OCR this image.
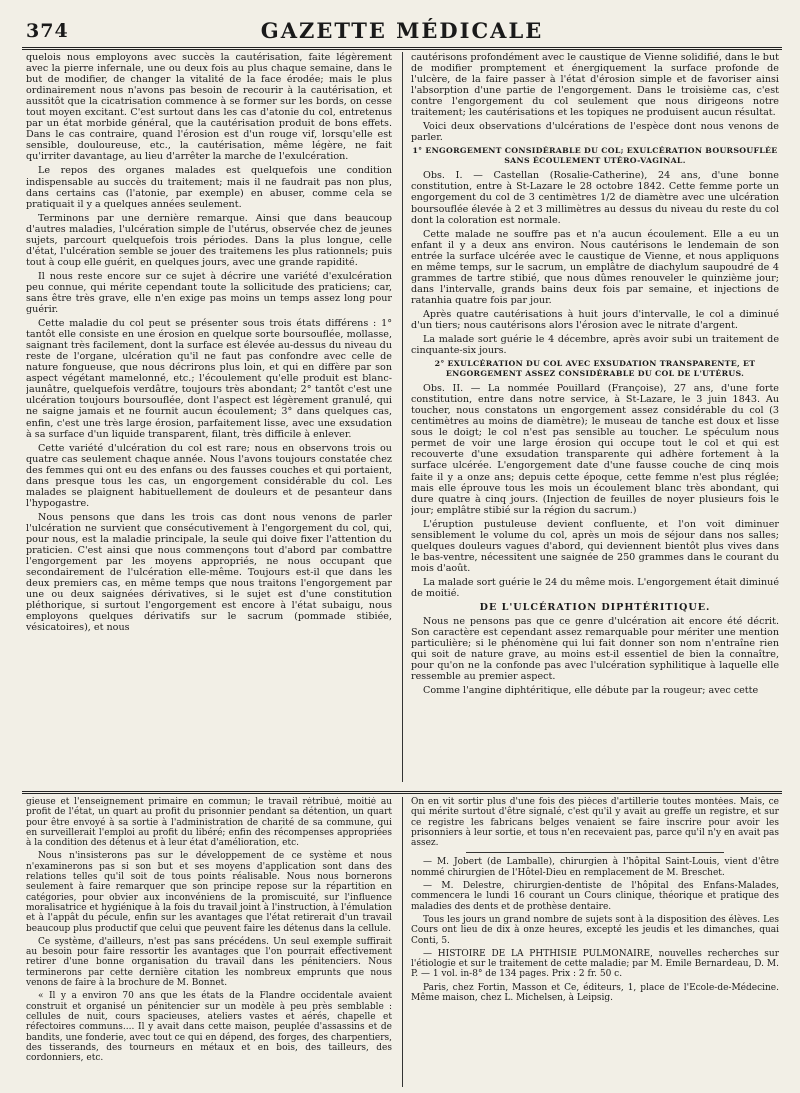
GAZETTE MÉDICALE
374

quelois nous employons avec succès la cautérisation, faite légèrement avec la pierre infernale, une ou deux fois au plus chaque semaine, dans le but de modifier, de changer la vitalité de la face érodée; mais le plus ordinairement nous n'avons pas besoin de recourir à la cautérisation, et aussitôt que la cicatrisation commence à se former sur les bords, on cesse tout moyen excitant. C'est surtout dans les cas d'atonie du col, entretenus par un état morbide général, que la cautérisation produit de bons effets. Dans le cas contraire, quand l'érosion est d'un rouge vif, lorsqu'elle est sensible, douloureuse, etc., la cautérisation, même légère, ne fait qu'irriter davantage, au lieu d'arrêter la marche de l'exulcération.

Le repos des organes malades est quelquefois une condition indispensable au succès du traitement; mais il ne faudrait pas non plus, dans certains cas (l'atonie, par exemple) en abuser, comme cela se pratiquait il y a quelques années seulement.

Terminons par une dernière remarque. Ainsi que dans beaucoup d'autres maladies, l'ulcération simple de l'utérus, observée chez de jeunes sujets, parcourt quelquefois trois périodes. Dans la plus longue, celle d'état, l'ulcération semble se jouer des traitemens les plus rationnels; puis tout à coup elle guérit, en quelques jours, avec une grande rapidité.

Il nous reste encore sur ce sujet à décrire une variété d'exulcération peu connue, qui mérite cependant toute la sollicitude des praticiens; car, sans être très grave, elle n'en exige pas moins un temps assez long pour guérir.

Cette maladie du col peut se présenter sous trois états différens : 1° tantôt elle consiste en une érosion en quelque sorte boursouflée, mollasse, saignant très facilement, dont la surface est élevée au-dessus du niveau du reste de l'organe, ulcération qu'il ne faut pas confondre avec celle de nature fongueuse, que nous décrirons plus loin, et qui en diffère par son aspect végétant mamelonné, etc.; l'écoulement qu'elle produit est blanc-jaunâtre, quelquefois verdâtre, toujours très abondant; 2° tantôt c'est une ulcération toujours boursouflée, dont l'aspect est légèrement granulé, qui ne saigne jamais et ne fournit aucun écoulement; 3° dans quelques cas, enfin, c'est une très large érosion, parfaitement lisse, avec une exsudation à sa surface d'un liquide transparent, filant, très difficile à enlever.

Cette variété d'ulcération du col est rare; nous en observons trois ou quatre cas seulement chaque année. Nous l'avons toujours constatée chez des femmes qui ont eu des enfans ou des fausses couches et qui portaient, dans presque tous les cas, un engorgement considérable du col. Les malades se plaignent habituellement de douleurs et de pesanteur dans l'hypogastre.

Nous pensons que dans les trois cas dont nous venons de parler l'ulcération ne survient que consécutivement à l'engorgement du col, qui, pour nous, est la maladie principale, la seule qui doive fixer l'attention du praticien. C'est ainsi que nous commençons tout d'abord par combattre l'engorgement par les moyens appropriés, ne nous occupant que secondairement de l'ulcération elle-même. Toujours est-il que dans les deux premiers cas, en même temps que nous traitons l'engorgement par une ou deux saignées dérivatives, si le sujet est d'une constitution pléthorique, si surtout l'engorgement est encore à l'état subaigu, nous employons quelques dérivatifs sur le sacrum (pommade stibiée, vésicatoires), et nous

cautérisons profondément avec le caustique de Vienne solidifié, dans le but de modifier promptement et énergiquement la surface profonde de l'ulcère, de la faire passer à l'état d'érosion simple et de favoriser ainsi l'absorption d'une partie de l'engorgement. Dans le troisième cas, c'est contre l'engorgement du col seulement que nous dirigeons notre traitement; les cautérisations et les topiques ne produisent aucun résultat.

Voici deux observations d'ulcérations de l'espèce dont nous venons de parler.

1° ENGORGEMENT CONSIDÉRABLE DU COL; EXULCÉRATION BOURSOUFLÉE SANS ÉCOULEMENT UTÉRO-VAGINAL.

Obs. I. — Castellan (Rosalie-Catherine), 24 ans, d'une bonne constitution, entre à St-Lazare le 28 octobre 1842. Cette femme porte un engorgement du col de 3 centimètres 1/2 de diamètre avec une ulcération boursouflée élevée à 2 et 3 millimètres au dessus du niveau du reste du col dont la coloration est normale.

Cette malade ne souffre pas et n'a aucun écoulement. Elle a eu un enfant il y a deux ans environ. Nous cautérisons le lendemain de son entrée la surface ulcérée avec le caustique de Vienne, et nous appliquons en même temps, sur le sacrum, un emplâtre de diachylum saupoudré de 4 grammes de tartre stibié, que nous dûmes renouveler le quinzième jour; dans l'intervalle, grands bains deux fois par semaine, et injections de ratanhia quatre fois par jour.

Après quatre cautérisations à huit jours d'intervalle, le col a diminué d'un tiers; nous cautérisons alors l'érosion avec le nitrate d'argent.

La malade sort guérie le 4 décembre, après avoir subi un traitement de cinquante-six jours.

2° EXULCÉRATION DU COL AVEC EXSUDATION TRANSPARENTE, ET ENGORGEMENT ASSEZ CONSIDÉRABLE DU COL DE L'UTÉRUS.

Obs. II. — La nommée Pouillard (Françoise), 27 ans, d'une forte constitution, entre dans notre service, à St-Lazare, le 3 juin 1843. Au toucher, nous constatons un engorgement assez considérable du col (3 centimètres au moins de diamètre); le museau de tanche est doux et lisse sous le doigt; le col n'est pas sensible au toucher. Le spéculum nous permet de voir une large érosion qui occupe tout le col et qui est recouverte d'une exsudation transparente qui adhère fortement à la surface ulcérée. L'engorgement date d'une fausse couche de cinq mois faite il y a onze ans; depuis cette époque, cette femme n'est plus réglée; mais elle éprouve tous les mois un écoulement blanc très abondant, qui dure quatre à cinq jours. (Injection de feuilles de noyer plusieurs fois le jour; emplâtre stibié sur la région du sacrum.)

L'éruption pustuleuse devient confluente, et l'on voit diminuer sensiblement le volume du col, après un mois de séjour dans nos salles; quelques douleurs vagues d'abord, qui deviennent bientôt plus vives dans le bas-ventre, nécessitent une saignée de 250 grammes dans le courant du mois d'août.

La malade sort guérie le 24 du même mois. L'engorgement était diminué de moitié.

DE L'ULCÉRATION DIPHTÉRITIQUE.

Nous ne pensons pas que ce genre d'ulcération ait encore été décrit. Son caractère est cependant assez remarquable pour mériter une mention particulière; si le phénomène qui lui fait donner son nom n'entraîne rien qui soit de nature grave, au moins est-il essentiel de bien la connaître, pour qu'on ne la confonde pas avec l'ulcération syphilitique à laquelle elle ressemble au premier aspect.

Comme l'angine diphtéritique, elle débute par la rougeur; avec cette

gieuse et l'enseignement primaire en commun; le travail rétribué, moitié au profit de l'état, un quart au profit du prisonnier pendant sa détention, un quart pour être envoyé à sa sortie à l'administration de charité de sa commune, qui en surveillerait l'emploi au profit du libéré; enfin des récompenses appropriées à la condition des détenus et à leur état d'amélioration, etc.

Nous n'insisterons pas sur le développement de ce système et nous n'examinerons pas si son but et ses moyens d'application sont dans des relations telles qu'il soit de tous points réalisable. Nous nous bornerons seulement à faire remarquer que son principe repose sur la répartition en catégories, pour obvier aux inconvéniens de la promiscuité, sur l'influence moralisatrice et hygiénique à la fois du travail joint à l'instruction, à l'émulation et à l'appât du pécule, enfin sur les avantages que l'état retirerait d'un travail beaucoup plus productif que celui que peuvent faire les détenus dans la cellule.

Ce système, d'ailleurs, n'est pas sans précédens. Un seul exemple suffirait au besoin pour faire ressortir les avantages que l'on pourrait effectivement retirer d'une bonne organisation du travail dans les pénitenciers. Nous terminerons par cette dernière citation les nombreux emprunts que nous venons de faire à la brochure de M. Bonnet.

« Il y a environ 70 ans que les états de la Flandre occidentale avaient construit et organisé un pénitencier sur un modèle à peu près semblable : cellules de nuit, cours spacieuses, ateliers vastes et aérés, chapelle et réfectoires communs.... Il y avait dans cette maison, peuplée d'assassins et de bandits, une fonderie, avec tout ce qui en dépend, des forges, des charpentiers, des tisserands, des tourneurs en métaux et en bois, des tailleurs, des cordonniers, etc.

On en vit sortir plus d'une fois des pièces d'artillerie toutes montées. Mais, ce qui mérite surtout d'être signalé, c'est qu'il y avait au greffe un registre, et sur ce registre les fabricans belges venaient se faire inscrire pour avoir les prisonniers à leur sortie, et tous n'en recevaient pas, parce qu'il n'y en avait pas assez.

— M. Jobert (de Lamballe), chirurgien à l'hôpital Saint-Louis, vient d'être nommé chirurgien de l'Hôtel-Dieu en remplacement de M. Breschet.

— M. Delestre, chirurgien-dentiste de l'hôpital des Enfans-Malades, commencera le lundi 16 courant un Cours clinique, théorique et pratique des maladies des dents et de prothèse dentaire.

Tous les jours un grand nombre de sujets sont à la disposition des élèves. Les Cours ont lieu de dix à onze heures, excepté les jeudis et les dimanches, quai Conti, 5.

— HISTOIRE DE LA PHTHISIE PULMONAIRE, nouvelles recherches sur l'étiologie et sur le traitement de cette maladie; par M. Emile Bernardeau, D. M. P. — 1 vol. in-8° de 134 pages. Prix : 2 fr. 50 c.

Paris, chez Fortin, Masson et Ce, éditeurs, 1, place de l'Ecole-de-Médecine. Même maison, chez L. Michelsen, à Leipsig.
